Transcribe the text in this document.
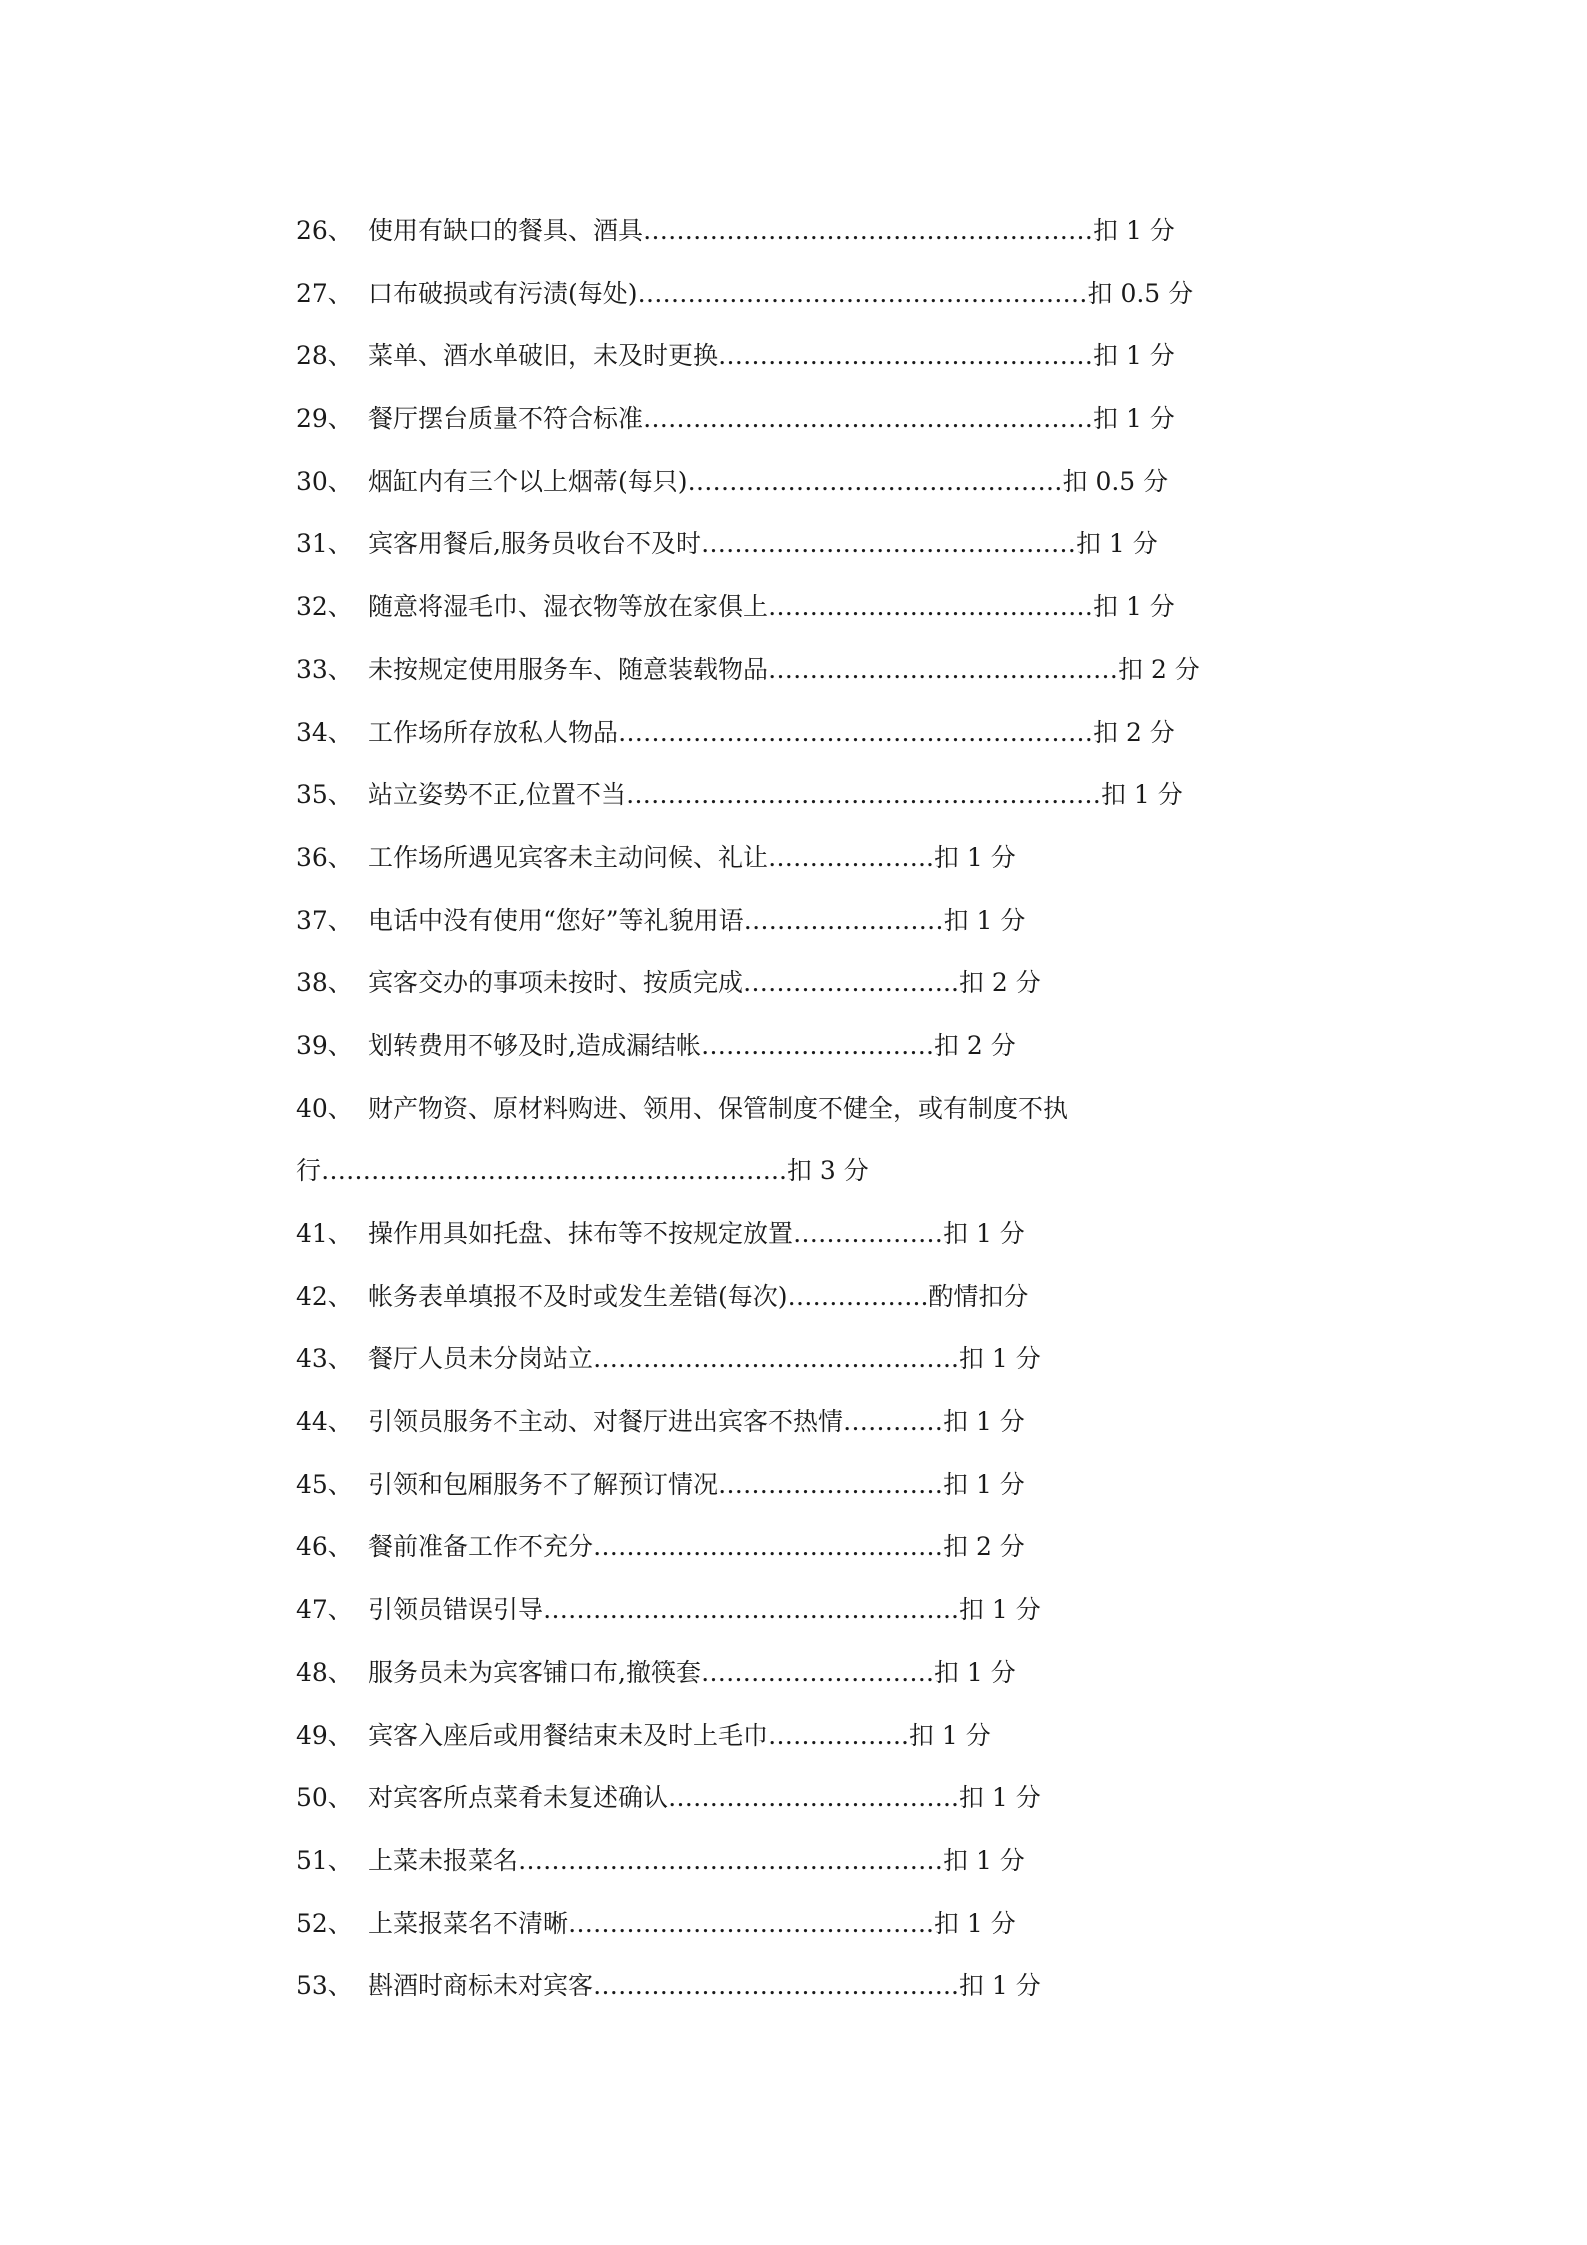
26、 使用有缺口的餐具、酒具………………………………………………扣 1 分
27、 口布破损或有污渍(每处)………………………………………………扣 0.5 分
28、 菜单、酒水单破旧，未及时更换………………………………………扣 1 分
29、 餐厅摆台质量不符合标准………………………………………………扣 1 分
30、 烟缸内有三个以上烟蒂(每只)………………………………………扣 0.5 分
31、 宾客用餐后,服务员收台不及时………………………………………扣 1 分
32、 随意将湿毛巾、湿衣物等放在家俱上…………………………………扣 1 分
33、 未按规定使用服务车、随意装载物品……………………………………扣 2 分
34、 工作场所存放私人物品…………………………………………………扣 2 分
35、 站立姿势不正,位置不当…………………………………………………扣 1 分
36、 工作场所遇见宾客未主动问候、礼让………………..扣 1 分
37、 电话中没有使用“您好”等礼貌用语……………………扣 1 分
38、 宾客交办的事项未按时、按质完成……………………..扣 2 分
39、 划转费用不够及时,造成漏结帐……………………….扣 2 分
40、 财产物资、原材料购进、领用、保管制度不健全，或有制度不执
行………………………………………………..扣 3 分
41、 操作用具如托盘、抹布等不按规定放置………………扣 1 分
42、 帐务表单填报不及时或发生差错(每次)……………..酌情扣分
43、 餐厅人员未分岗站立……………………………………..扣 1 分
44、 引领员服务不主动、对餐厅进出宾客不热情…………扣 1 分
45、 引领和包厢服务不了解预订情况………………………扣 1 分
46、 餐前准备工作不充分……………………………………扣 2 分
47、 引领员错误引导…………………………………………..扣 1 分
48、 服务员未为宾客铺口布,撤筷套……………………….扣 1 分
49、 宾客入座后或用餐结束未及时上毛巾……………..扣 1 分
50、 对宾客所点菜肴未复述确认……………………………..扣 1 分
51、 上菜未报菜名……………………………………………扣 1 分
52、 上菜报菜名不清晰……………………………………..扣 1 分
53、 斟酒时商标未对宾客……………………………………..扣 1 分
